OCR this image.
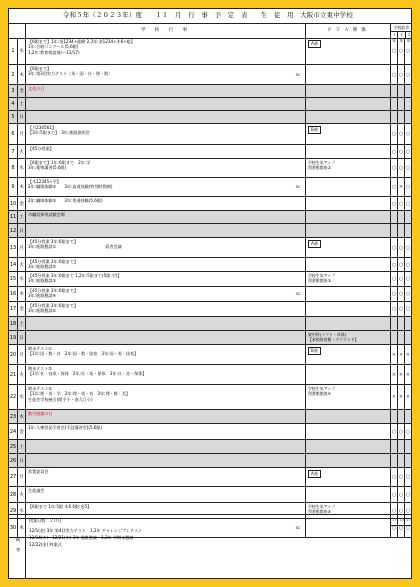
令和５年（２０２３年）度　　１１　月　行　事　予　定　表　　生　徒　用　大阪市立東中学校
学 校 行 事	ＰＴＡ関係
学校給食
１年
２年
３年
1 水
【6限まで】1年:金1234+総樹 2,3年:金1234+木6+総】
1年:合唱コンクール(5,6限)
1,2年:教育相談週(〜11/17)
A週
○ ○ ○
2 木
【6限まで】
3年:第3回実力テスト（英・国・社・理・数）	SC	○ ○ ○
3 金
文化の日
4 土
5 日
6 月
【月234561】
【3年:5限まで】　3年:進路説明会
B週
○ ○ ○
7 火
【45分授業】	○ ○ ○
8 水
【6限まで】1年:6限まで　2年:学
3年:薬物講習(5,6限)
学校生気アップ
図書館開放②	○ ○ ○
9 木
【木12345+学】
2年:職場体験②　　3年:高道体験(特別時間割)	SC	○ × ○
10 金
2年:職場体験③　　3年:普通体験(5,6限)	○ ○ ○
11 土
市職員採用試験会場
12 日
13 月
【45分授業 3年:6限まで】
3年:進路懇談①　　　　　　　　　　　　弱者会議
A週
○ ○ ○
14 火
【45分授業 3年:6限まで】
3年:進路懇談②	○ ○ ○
15 水
【45分授業 3年:6限まで 1,2年:5限まで(5限:学)】
3年:進路懇談③
学校生気アップ
図書館開放③	○ ○ ○
16 木
【45分授業 3年:6限まで】
3年:進路懇談④	SC	○ ○ ○
17 金
【45分授業 3年:6限まで】
3年:進路懇談⑤	○ ○ ○
18 土
19 日
東中杯(ソフト・卓球)
【本校体育館・グラウンド】
20 月
期末テスト①
【1年:国・数・音　2年:国・数・技家　3年:国・英・技家】
B週
× × ×
21 火
期末テスト②
【1年:社・技家・保体　2年:社・英・保体　3年:社・音・保体】	× × ×
22 水
期末テスト③
【1年:理・英・学　2年:理・英・音　3年:理・数・美】
生徒会学校統合(開手小・南大江小)
学校生気アップ
図書館開放④
× × ×
23 木
勤労感謝の日
24 金
1年:人権啓発学習会[手話講習会](5,6限)
○ ○ ○
25 土
26 日
27 月
常置委員会	A週
○ ○ ○
28 火
生徒議会
○ ○ ○
29 水
【6限まで 1年:5限 木6 6限:金5】	学校生気アップ
図書館開放⑤	○ ○ ○
30 木	SC	○ ○ ○
備考
授業日数：２０日
12/1(金) 3年 第4回実力テスト　1,2年 チャレンジプレテスト
12/14(木)〜12/21(木) 3年 進路懇談　1,2年 学期末懇談
12/22(金) 終業式
17 15 17
